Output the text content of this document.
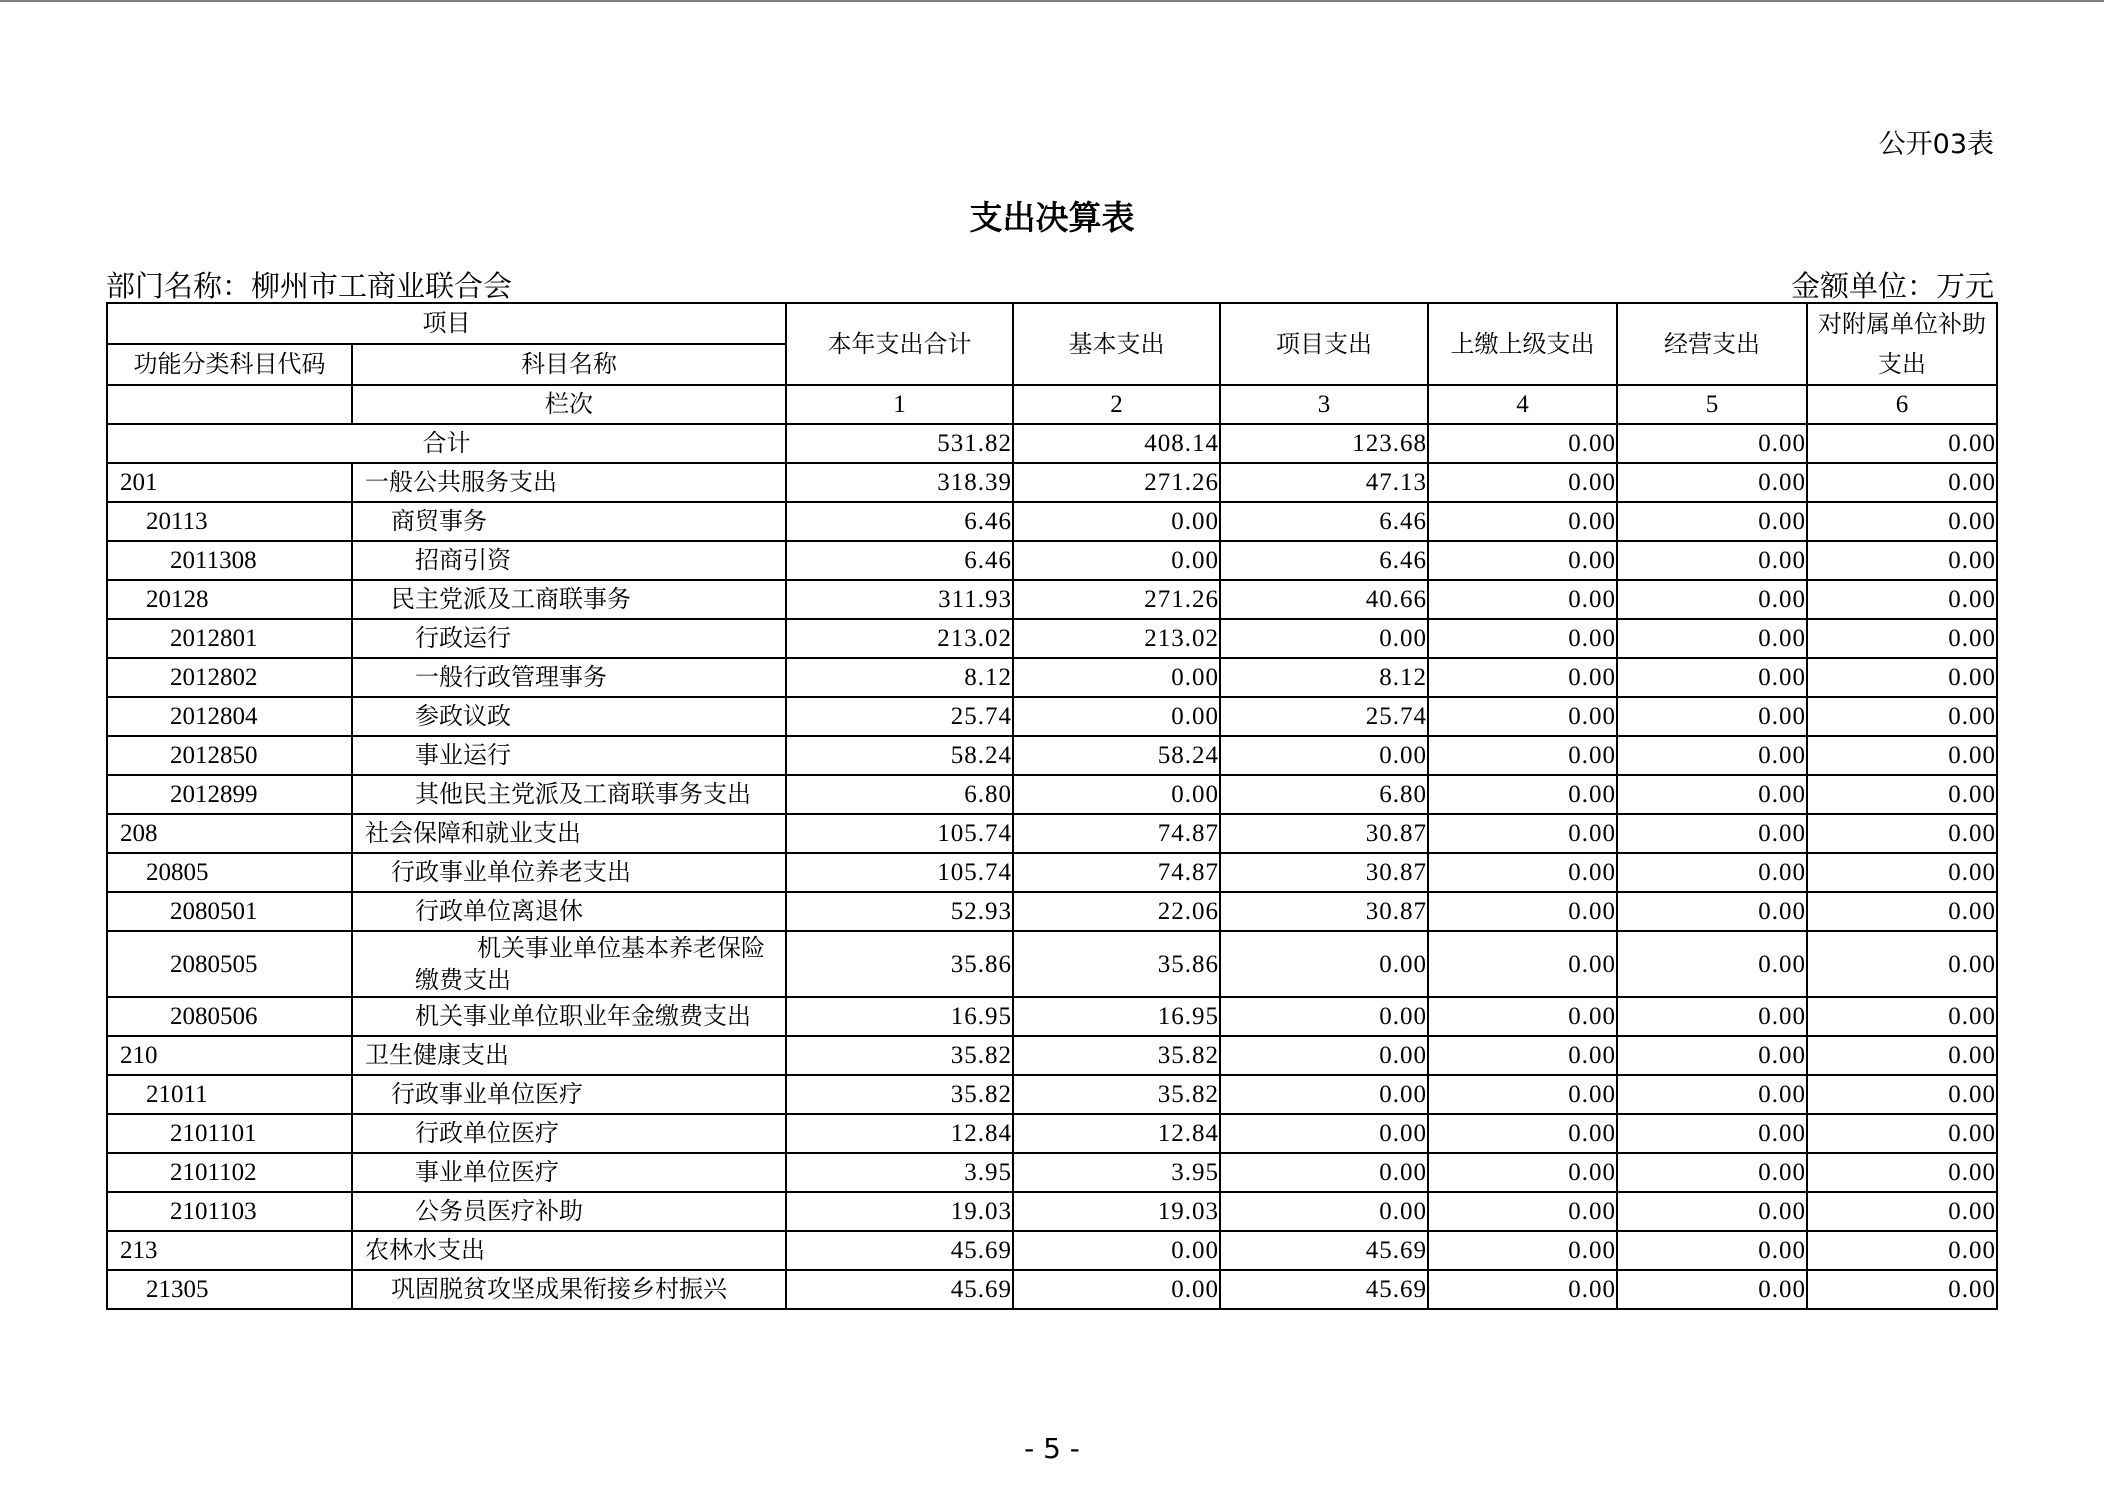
公开03表
支出决算表
部门名称：柳州市工商业联合会	金额单位：万元
项目		本年支出合计	基本支出	项目支出	上缴上级支出	经营支出	对附属单位补助支出
功能分类科目代码	科目名称						
	栏次	1	2	3	4	5	6
合计		531.82	408.14	123.68	0.00	0.00	0.00
201	一般公共服务支出	318.39	271.26	47.13	0.00	0.00	0.00
20113	商贸事务	6.46	0.00	6.46	0.00	0.00	0.00
2011308	招商引资	6.46	0.00	6.46	0.00	0.00	0.00
20128	民主党派及工商联事务	311.93	271.26	40.66	0.00	0.00	0.00
2012801	行政运行	213.02	213.02	0.00	0.00	0.00	0.00
2012802	一般行政管理事务	8.12	0.00	8.12	0.00	0.00	0.00
2012804	参政议政	25.74	0.00	25.74	0.00	0.00	0.00
2012850	事业运行	58.24	58.24	0.00	0.00	0.00	0.00
2012899	其他民主党派及工商联事务支出	6.80	0.00	6.80	0.00	0.00	0.00
208	社会保障和就业支出	105.74	74.87	30.87	0.00	0.00	0.00
20805	行政事业单位养老支出	105.74	74.87	30.87	0.00	0.00	0.00
2080501	行政单位离退休	52.93	22.06	30.87	0.00	0.00	0.00
2080505	机关事业单位基本养老保险缴费支出	35.86	35.86	0.00	0.00	0.00	0.00
2080506	机关事业单位职业年金缴费支出	16.95	16.95	0.00	0.00	0.00	0.00
210	卫生健康支出	35.82	35.82	0.00	0.00	0.00	0.00
21011	行政事业单位医疗	35.82	35.82	0.00	0.00	0.00	0.00
2101101	行政单位医疗	12.84	12.84	0.00	0.00	0.00	0.00
2101102	事业单位医疗	3.95	3.95	0.00	0.00	0.00	0.00
2101103	公务员医疗补助	19.03	19.03	0.00	0.00	0.00	0.00
213	农林水支出	45.69	0.00	45.69	0.00	0.00	0.00
21305	巩固脱贫攻坚成果衔接乡村振兴	45.69	0.00	45.69	0.00	0.00	0.00
- 5 -
